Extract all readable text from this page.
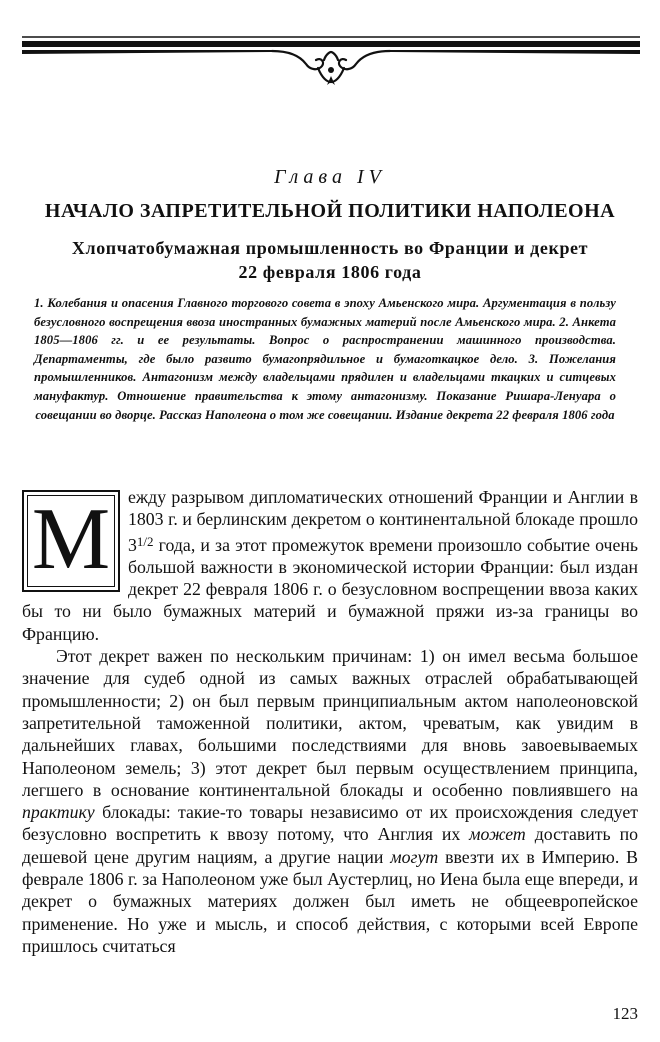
Глава IV
НАЧАЛО ЗАПРЕТИТЕЛЬНОЙ ПОЛИТИКИ НАПОЛЕОНА
Хлопчатобумажная промышленность во Франции и декрет 22 февраля 1806 года
1. Колебания и опасения Главного торгового совета в эпоху Амьенского мира. Аргументация в пользу безусловного воспрещения ввоза иностранных бумажных материй после Амьенского мира. 2. Анкета 1805—1806 гг. и ее результаты. Вопрос о распространении машинного производства. Департаменты, где было развито бумагопрядильное и бумаготкацкое дело. 3. Пожелания промышленников. Антагонизм между владельцами прядилен и владельцами ткацких и ситцевых мануфактур. Отношение правительства к этому антагонизму. Показание Ришара-Ленуара о совещании во дворце. Рассказ Наполеона о том же совещании. Издание декрета 22 февраля 1806 года

М ежду разрывом дипломатических отношений Франции и Англии в 1803 г. и берлинским декретом о континентальной блокаде прошло $3^{1/2}$ года, и за этот промежуток времени произошло событие очень большой важности в экономической истории Франции: был издан декрет 22 февраля 1806 г. о безусловном воспрещении ввоза каких бы то ни было бумажных материй и бумажной пряжи из-за границы во Францию.

Этот декрет важен по нескольким причинам: 1) он имел весьма большое значение для судеб одной из самых важных отраслей обрабатывающей промышленности; 2) он был первым принципиальным актом наполеоновской запретительной таможенной политики, актом, чреватым, как увидим в дальнейших главах, большими последствиями для вновь завоевываемых Наполеоном земель; 3) этот декрет был первым осуществлением принципа, легшего в основание континентальной блокады и особенно повлиявшего на практику блокады: такие-то товары независимо от их происхождения следует безусловно воспретить к ввозу потому, что Англия их может доставить по дешевой цене другим нациям, а другие нации могут ввезти их в Империю. В феврале 1806 г. за Наполеоном уже был Аустерлиц, но Иена была еще впереди, и декрет о бумажных материях должен был иметь не общеевропейское применение. Но уже и мысль, и способ действия, с которыми всей Европе пришлось считаться

123
